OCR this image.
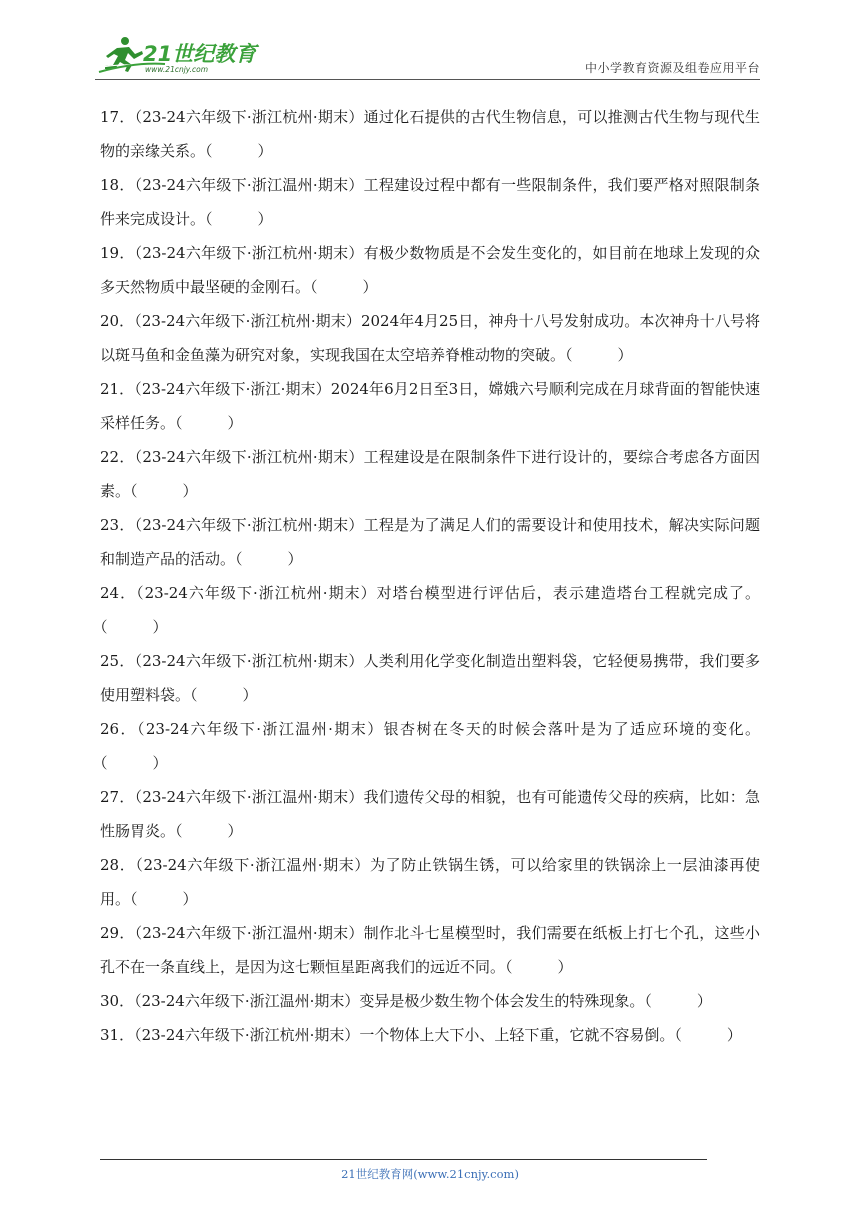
21世纪教育
www.21cnjy.com	中小学教育资源及组卷应用平台

17．（23-24六年级下·浙江杭州·期末）通过化石提供的古代生物信息，可以推测古代生物与现代生物的亲缘关系。（　　　）

18．（23-24六年级下·浙江温州·期末）工程建设过程中都有一些限制条件，我们要严格对照限制条件来完成设计。（　　　）

19．（23-24六年级下·浙江杭州·期末）有极少数物质是不会发生变化的，如目前在地球上发现的众多天然物质中最坚硬的金刚石。（　　　）

20．（23-24六年级下·浙江杭州·期末）2024年4月25日，神舟十八号发射成功。本次神舟十八号将以斑马鱼和金鱼藻为研究对象，实现我国在太空培养脊椎动物的突破。（　　　）

21．（23-24六年级下·浙江·期末）2024年6月2日至3日，嫦娥六号顺利完成在月球背面的智能快速采样任务。（　　　）

22．（23-24六年级下·浙江杭州·期末）工程建设是在限制条件下进行设计的，要综合考虑各方面因素。（　　　）

23．（23-24六年级下·浙江杭州·期末）工程是为了满足人们的需要设计和使用技术，解决实际问题和制造产品的活动。（　　　）

24．（23-24六年级下·浙江杭州·期末）对塔台模型进行评估后，表示建造塔台工程就完成了。（　　　）

25．（23-24六年级下·浙江杭州·期末）人类利用化学变化制造出塑料袋，它轻便易携带，我们要多使用塑料袋。（　　　）

26．（23-24六年级下·浙江温州·期末）银杏树在冬天的时候会落叶是为了适应环境的变化。（　　　）

27．（23-24六年级下·浙江温州·期末）我们遗传父母的相貌，也有可能遗传父母的疾病，比如：急性肠胃炎。（　　　）

28．（23-24六年级下·浙江温州·期末）为了防止铁锅生锈，可以给家里的铁锅涂上一层油漆再使用。（　　　）

29．（23-24六年级下·浙江温州·期末）制作北斗七星模型时，我们需要在纸板上打七个孔，这些小孔不在一条直线上，是因为这七颗恒星距离我们的远近不同。（　　　）

30．（23-24六年级下·浙江温州·期末）变异是极少数生物个体会发生的特殊现象。（　　　）

31．（23-24六年级下·浙江杭州·期末）一个物体上大下小、上轻下重，它就不容易倒。（　　　）

21世纪教育网(www.21cnjy.com)
